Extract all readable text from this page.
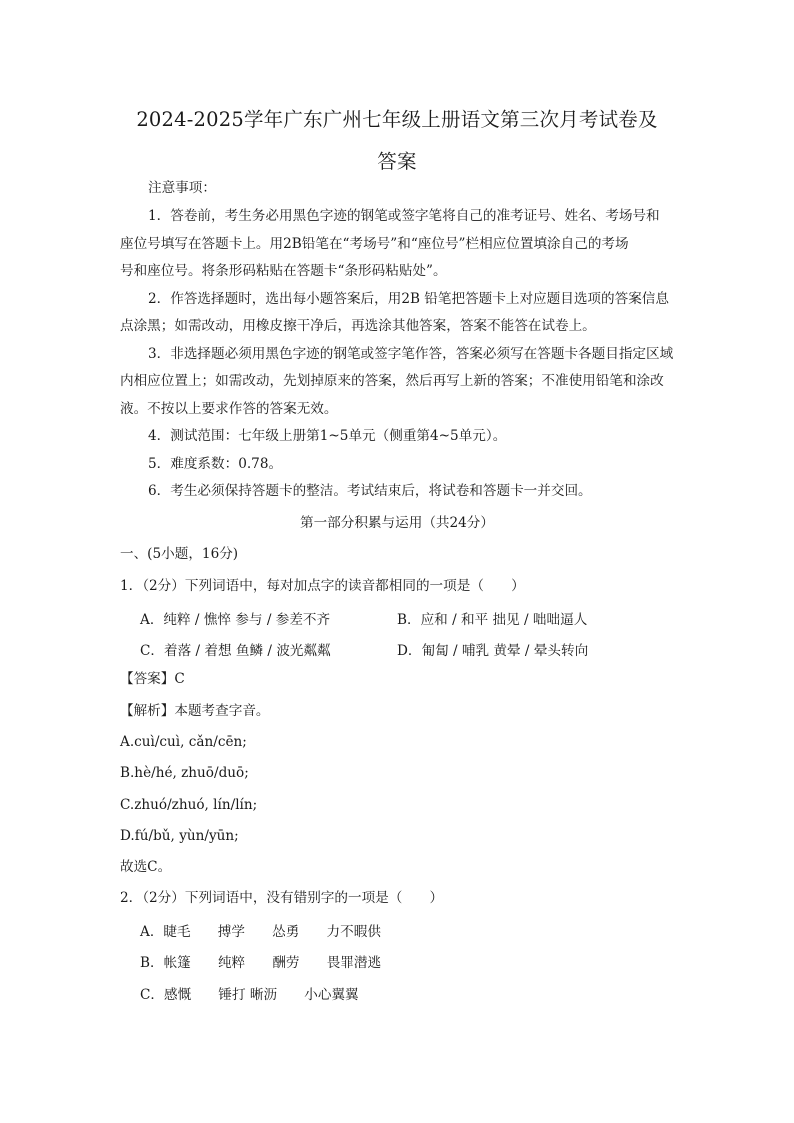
2024-2025学年广东广州七年级上册语文第三次月考试卷及
答案
注意事项：
1．答卷前，考生务必用黑色字迹的钢笔或签字笔将自己的准考证号、姓名、考场号和
座位号填写在答题卡上。用2B铅笔在“考场号”和“座位号”栏相应位置填涂自己的考场
号和座位号。将条形码粘贴在答题卡“条形码粘贴处”。
2．作答选择题时，选出每小题答案后，用2B 铅笔把答题卡上对应题目选项的答案信息
点涂黑；如需改动，用橡皮擦干净后，再选涂其他答案，答案不能答在试卷上。
3．非选择题必须用黑色字迹的钢笔或签字笔作答，答案必须写在答题卡各题目指定区域
内相应位置上；如需改动，先划掉原来的答案，然后再写上新的答案；不准使用铅笔和涂改
液。不按以上要求作答的答案无效。
4．测试范围：七年级上册第1~5单元（侧重第4~5单元）。
5．难度系数：0.78。
6．考生必须保持答题卡的整洁。考试结束后，将试卷和答题卡一并交回。
第一部分积累与运用（共24分）
一、(5小题，16分)
1．（2分）下列词语中，每对加点字的读音都相同的一项是（　　）
A．纯粹 / 憔悴 参与 / 参差不齐	B．应和 / 和平 拙见 / 咄咄逼人
C．着落 / 着想 鱼鳞 / 波光粼粼	D．匍匐 / 哺乳 黄晕 / 晕头转向
【答案】C
【解析】本题考查字音。
A.cuì/cuì, cǎn/cēn;
B.hè/hé, zhuō/duō;
C.zhuó/zhuó, lín/lín;
D.fú/bǔ, yùn/yūn;
故选C。
2．（2分）下列词语中，没有错别字的一项是（　　）
A．睫毛　　搏学　　怂勇　　力不暇供
B．帐篷　　纯粹　　酬劳　　畏罪潜逃
C．感慨　　锤打 晰沥　　小心翼翼
